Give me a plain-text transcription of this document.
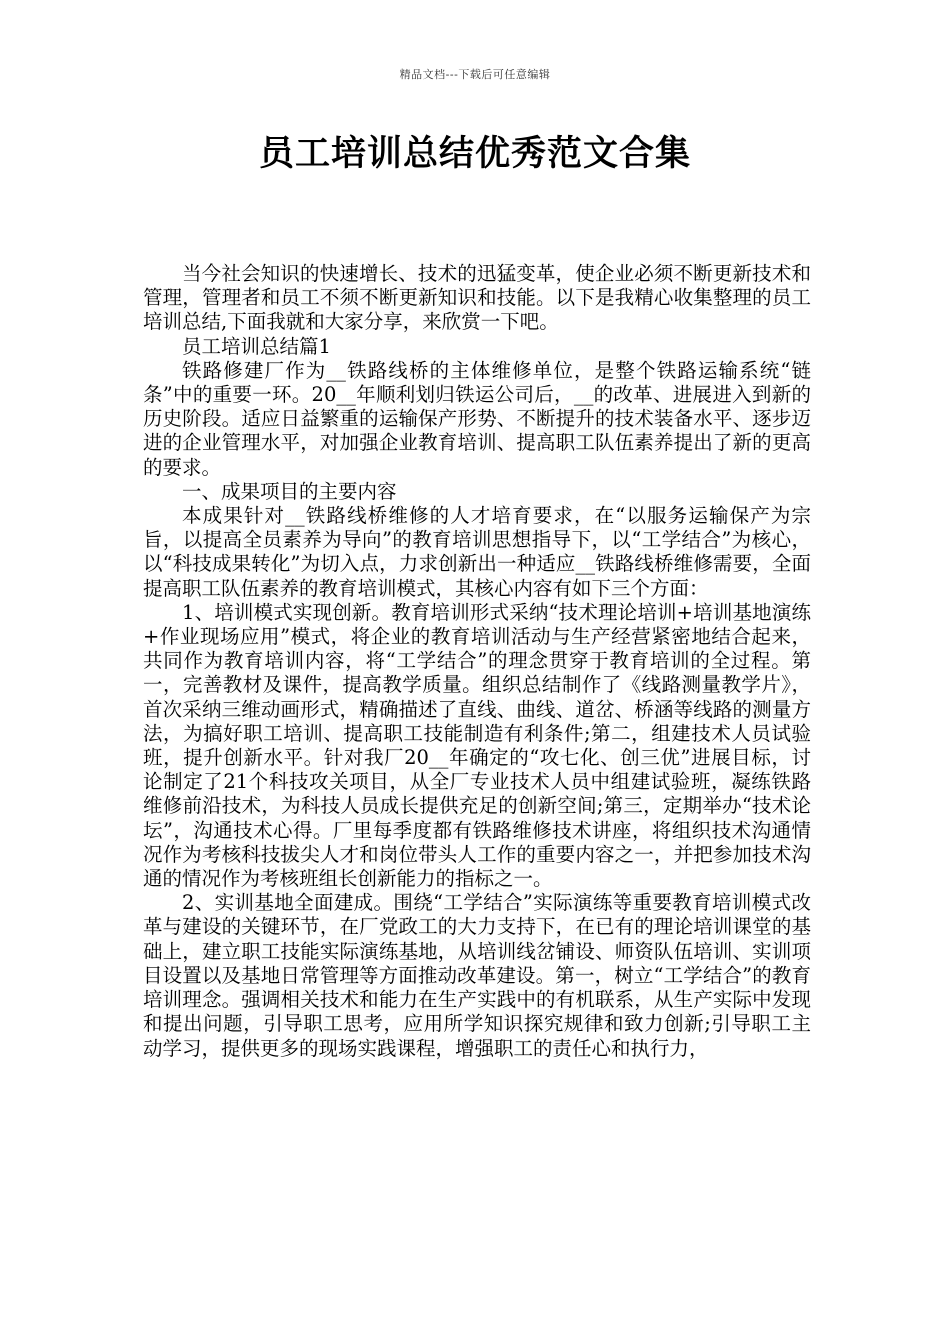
精品文档---下载后可任意编辑
员工培训总结优秀范文合集

当今社会知识的快速增长、技术的迅猛变革，使企业必须不断更新技术和管理，管理者和员工不须不断更新知识和技能。以下是我精心收集整理的员工培训总结,下面我就和大家分享，来欣赏一下吧。

员工培训总结篇1

铁路修建厂作为__铁路线桥的主体维修单位，是整个铁路运输系统“链条”中的重要一环。20__年顺利划归铁运公司后，__的改革、进展进入到新的历史阶段。适应日益繁重的运输保产形势、不断提升的技术装备水平、逐步迈进的企业管理水平，对加强企业教育培训、提高职工队伍素养提出了新的更高的要求。

一、成果项目的主要内容

本成果针对__铁路线桥维修的人才培育要求，在“以服务运输保产为宗旨，以提高全员素养为导向”的教育培训思想指导下，以“工学结合”为核心，以“科技成果转化”为切入点，力求创新出一种适应__铁路线桥维修需要，全面提高职工队伍素养的教育培训模式，其核心内容有如下三个方面：

1、培训模式实现创新。教育培训形式采纳“技术理论培训+培训基地演练+作业现场应用”模式，将企业的教育培训活动与生产经营紧密地结合起来，共同作为教育培训内容，将“工学结合”的理念贯穿于教育培训的全过程。第一，完善教材及课件，提高教学质量。组织总结制作了《线路测量教学片》，首次采纳三维动画形式，精确描述了直线、曲线、道岔、桥涵等线路的测量方法，为搞好职工培训、提高职工技能制造有利条件;第二，组建技术人员试验班，提升创新水平。针对我厂20__年确定的“攻七化、创三优”进展目标，讨论制定了21个科技攻关项目，从全厂专业技术人员中组建试验班，凝练铁路维修前沿技术，为科技人员成长提供充足的创新空间;第三，定期举办“技术论坛”，沟通技术心得。厂里每季度都有铁路维修技术讲座，将组织技术沟通情况作为考核科技拔尖人才和岗位带头人工作的重要内容之一，并把参加技术沟通的情况作为考核班组长创新能力的指标之一。

2、实训基地全面建成。围绕“工学结合”实际演练等重要教育培训模式改革与建设的关键环节，在厂党政工的大力支持下，在已有的理论培训课堂的基础上，建立职工技能实际演练基地，从培训线岔铺设、师资队伍培训、实训项目设置以及基地日常管理等方面推动改革建设。第一，树立“工学结合”的教育培训理念。强调相关技术和能力在生产实践中的有机联系，从生产实际中发现和提出问题，引导职工思考，应用所学知识探究规律和致力创新;引导职工主动学习，提供更多的现场实践课程，增强职工的责任心和执行力，
